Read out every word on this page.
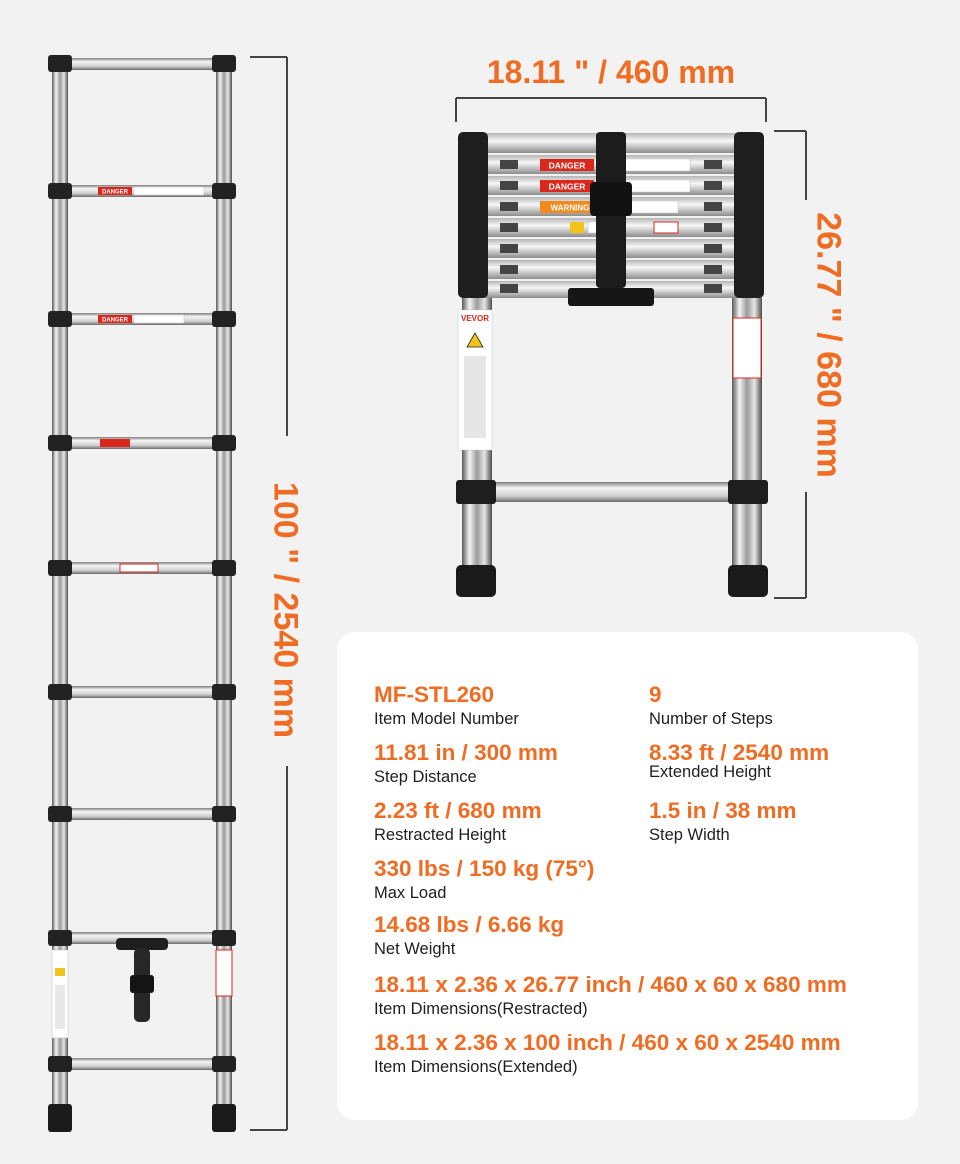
DANGER
DANGER
DANGER
DANGER
WARNING
VEVOR
18.11 " / 460 mm
26.77 " / 680 mm
100 " / 2540 mm	MF-STL260
Item Model Number
9
Number of Steps
11.81 in / 300 mm
Step Distance
8.33 ft / 2540 mm
Extended Height
2.23 ft / 680 mm
Restracted Height
1.5 in / 38 mm
Step Width
330 lbs / 150 kg (75°)
Max Load
14.68 lbs / 6.66 kg
Net Weight
18.11 x 2.36 x 26.77 inch / 460 x 60 x 680 mm
Item Dimensions(Restracted)
18.11 x 2.36 x 100 inch / 460 x 60 x 2540 mm
Item Dimensions(Extended)
